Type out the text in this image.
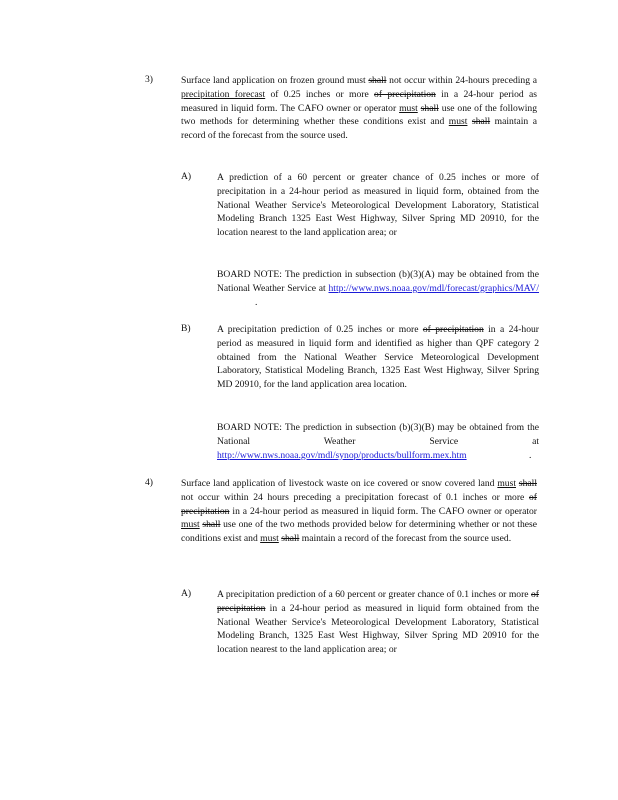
3)	Surface land application on frozen ground must shall not occur within 24-hours preceding a precipitation forecast of 0.25 inches or more of precipitation in a 24-hour period as measured in liquid form. The CAFO owner or operator must shall use one of the following two methods for determining whether these conditions exist and must shall maintain a record of the forecast from the source used.
A)	A prediction of a 60 percent or greater chance of 0.25 inches or more of precipitation in a 24-hour period as measured in liquid form, obtained from the National Weather Service's Meteorological Development Laboratory, Statistical Modeling Branch 1325 East West Highway, Silver Spring MD 20910, for the location nearest to the land application area; or
BOARD NOTE: The prediction in subsection (b)(3)(A) may be obtained from the National Weather Service at http://www.nws.noaa.gov/mdl/forecast/graphics/MAV/ .
B)	A precipitation prediction of 0.25 inches or more of precipitation in a 24-hour period as measured in liquid form and identified as higher than QPF category 2 obtained from the National Weather Service Meteorological Development Laboratory, Statistical Modeling Branch, 1325 East West Highway, Silver Spring MD 20910, for the land application area location.
BOARD NOTE: The prediction in subsection (b)(3)(B) may be obtained from the National Weather Service at http://www.nws.noaa.gov/mdl/synop/products/bullform.mex.htm	.
4)	Surface land application of livestock waste on ice covered or snow covered land must shall not occur within 24 hours preceding a precipitation forecast of 0.1 inches or more of precipitation in a 24-hour period as measured in liquid form. The CAFO owner or operator must shall use one of the two methods provided below for determining whether or not these conditions exist and must shall maintain a record of the forecast from the source used.
A)	A precipitation prediction of a 60 percent or greater chance of 0.1 inches or more of precipitation in a 24-hour period as measured in liquid form obtained from the National Weather Service's Meteorological Development Laboratory, Statistical Modeling Branch, 1325 East West Highway, Silver Spring MD 20910 for the location nearest to the land application area; or
